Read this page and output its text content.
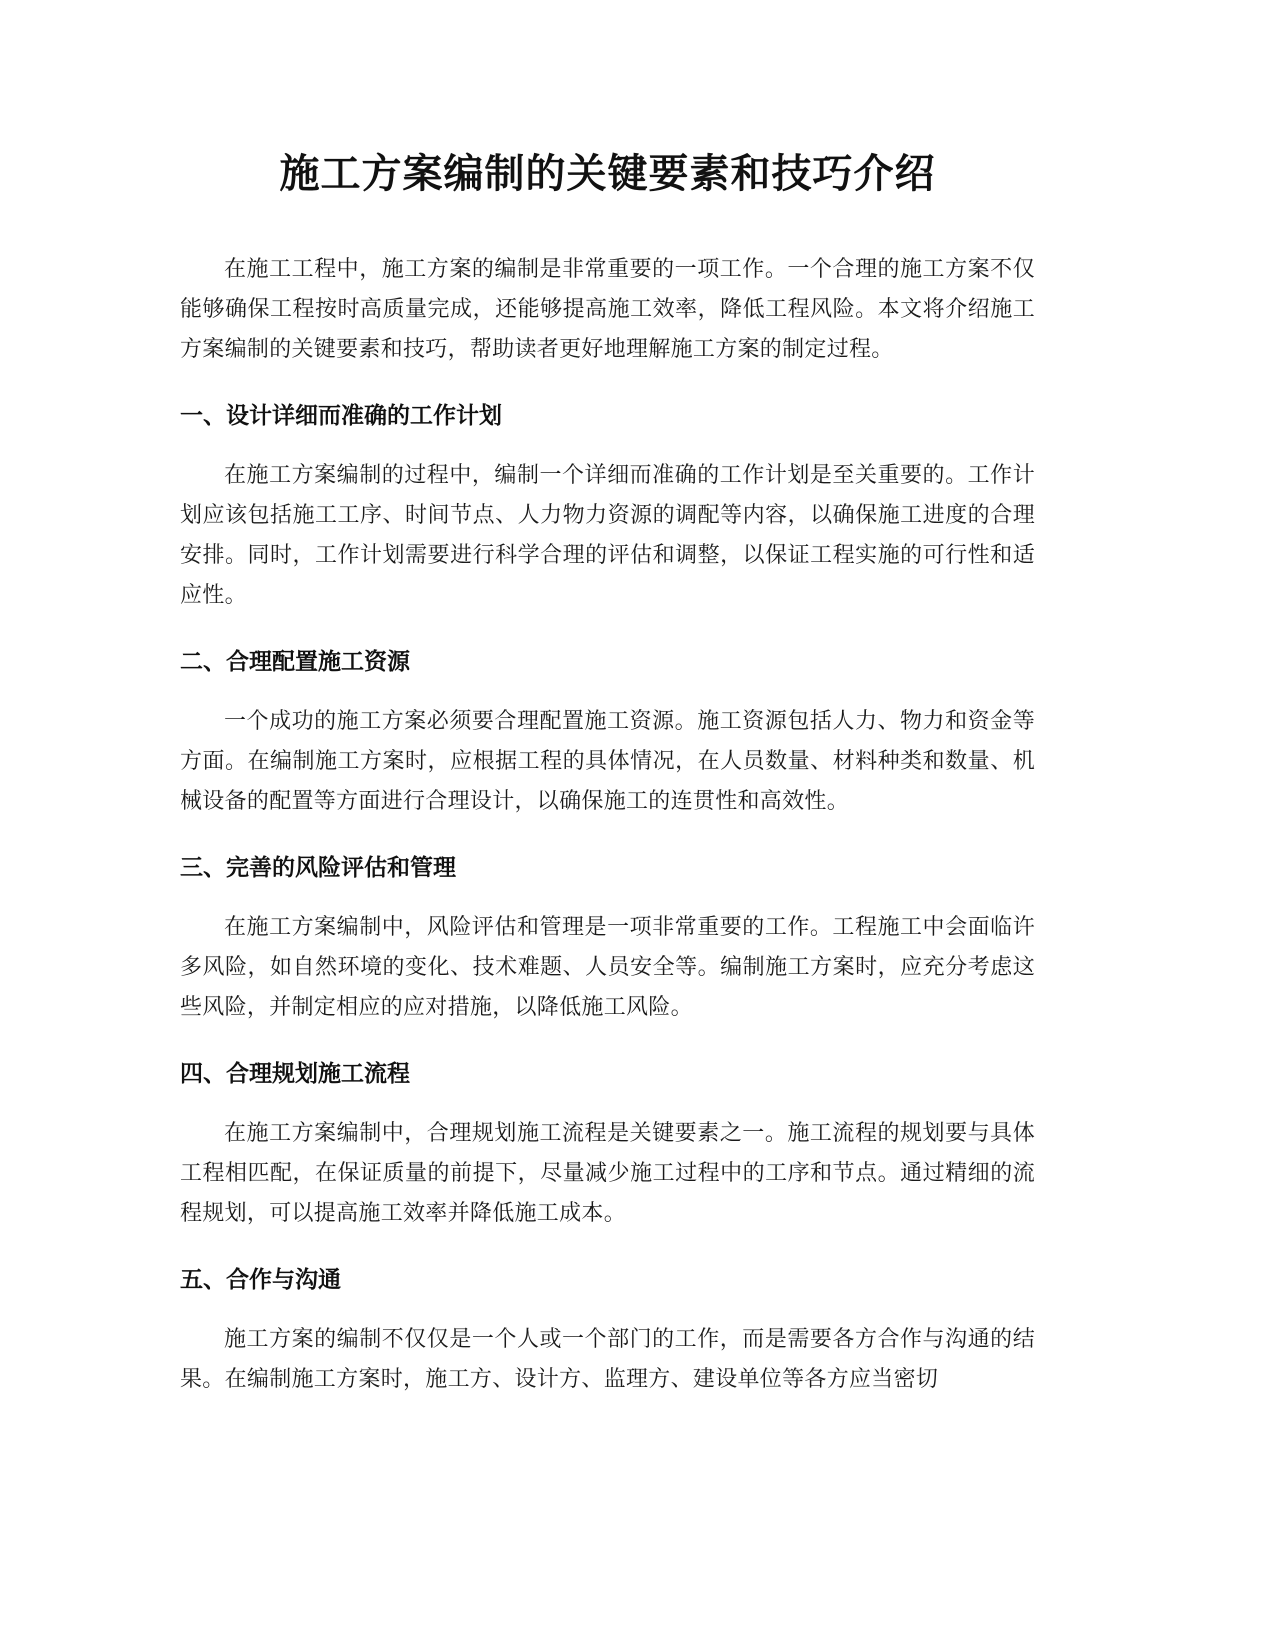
施工方案编制的关键要素和技巧介绍

在施工工程中，施工方案的编制是非常重要的一项工作。一个合理的施工方案不仅能够确保工程按时高质量完成，还能够提高施工效率，降低工程风险。本文将介绍施工方案编制的关键要素和技巧，帮助读者更好地理解施工方案的制定过程。

一、设计详细而准确的工作计划

在施工方案编制的过程中，编制一个详细而准确的工作计划是至关重要的。工作计划应该包括施工工序、时间节点、人力物力资源的调配等内容，以确保施工进度的合理安排。同时，工作计划需要进行科学合理的评估和调整，以保证工程实施的可行性和适应性。

二、合理配置施工资源

一个成功的施工方案必须要合理配置施工资源。施工资源包括人力、物力和资金等方面。在编制施工方案时，应根据工程的具体情况，在人员数量、材料种类和数量、机械设备的配置等方面进行合理设计，以确保施工的连贯性和高效性。

三、完善的风险评估和管理

在施工方案编制中，风险评估和管理是一项非常重要的工作。工程施工中会面临许多风险，如自然环境的变化、技术难题、人员安全等。编制施工方案时，应充分考虑这些风险，并制定相应的应对措施，以降低施工风险。

四、合理规划施工流程

在施工方案编制中，合理规划施工流程是关键要素之一。施工流程的规划要与具体工程相匹配，在保证质量的前提下，尽量减少施工过程中的工序和节点。通过精细的流程规划，可以提高施工效率并降低施工成本。

五、合作与沟通

施工方案的编制不仅仅是一个人或一个部门的工作，而是需要各方合作与沟通的结果。在编制施工方案时，施工方、设计方、监理方、建设单位等各方应当密切
